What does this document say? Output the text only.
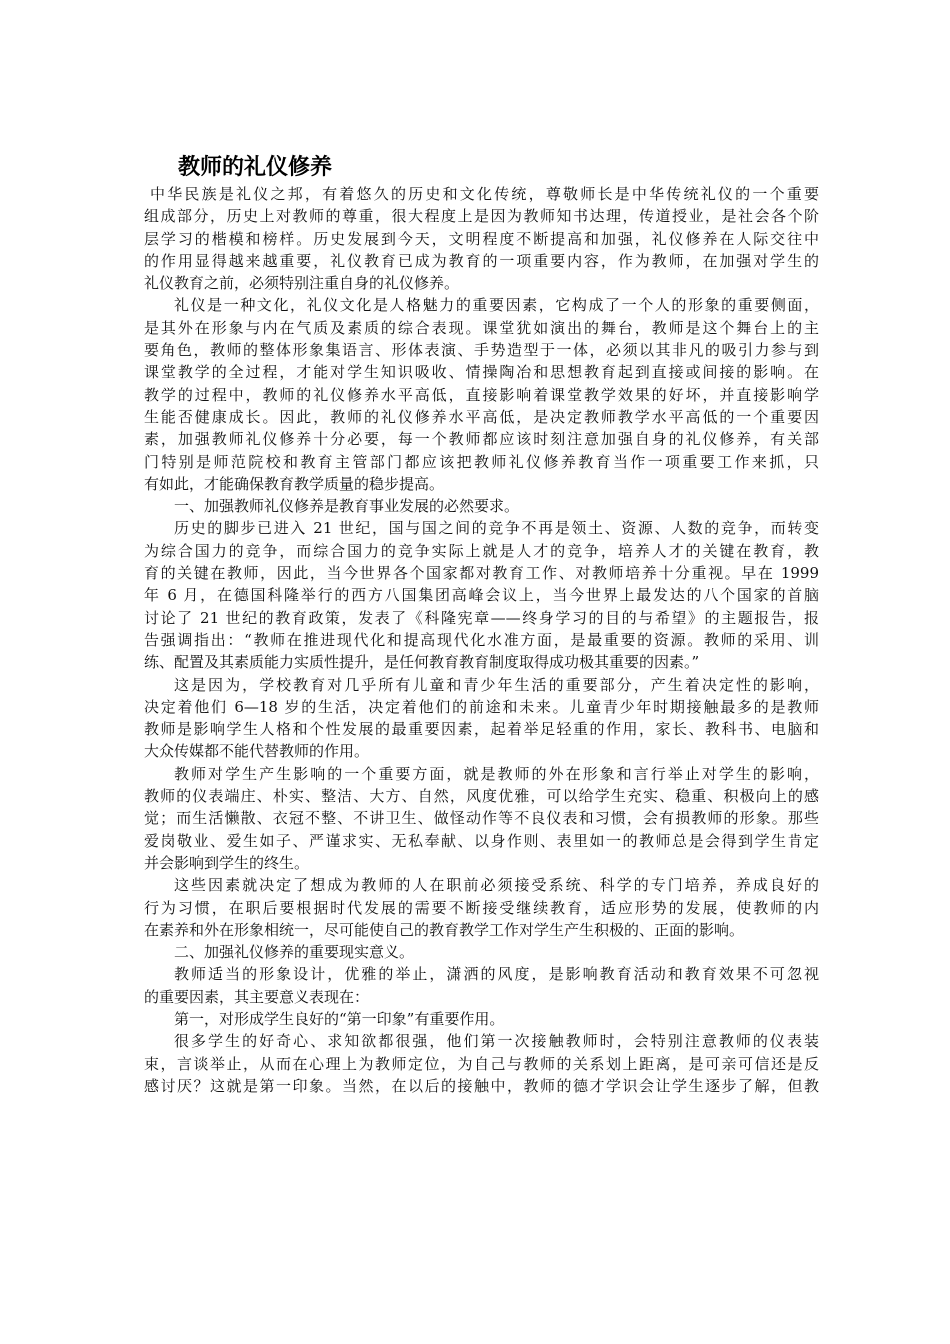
教师的礼仪修养
中华民族是礼仪之邦，有着悠久的历史和文化传统，尊敬师长是中华传统礼仪的一个重要
组成部分，历史上对教师的尊重，很大程度上是因为教师知书达理，传道授业，是社会各个阶
层学习的楷模和榜样。历史发展到今天，文明程度不断提高和加强，礼仪修养在人际交往中
的作用显得越来越重要，礼仪教育已成为教育的一项重要内容，作为教师，在加强对学生的
礼仪教育之前，必须特别注重自身的礼仪修养。
礼仪是一种文化，礼仪文化是人格魅力的重要因素，它构成了一个人的形象的重要侧面，
是其外在形象与内在气质及素质的综合表现。课堂犹如演出的舞台，教师是这个舞台上的主
要角色，教师的整体形象集语言、形体表演、手势造型于一体，必须以其非凡的吸引力参与到
课堂教学的全过程，才能对学生知识吸收、情操陶冶和思想教育起到直接或间接的影响。在
教学的过程中，教师的礼仪修养水平高低，直接影响着课堂教学效果的好坏，并直接影响学
生能否健康成长。因此，教师的礼仪修养水平高低，是决定教师教学水平高低的一个重要因
素，加强教师礼仪修养十分必要，每一个教师都应该时刻注意加强自身的礼仪修养，有关部
门特别是师范院校和教育主管部门都应该把教师礼仪修养教育当作一项重要工作来抓，只
有如此，才能确保教育教学质量的稳步提高。
一、加强教师礼仪修养是教育事业发展的必然要求。
历史的脚步已进入 21 世纪，国与国之间的竞争不再是领土、资源、人数的竞争，而转变
为综合国力的竞争，而综合国力的竞争实际上就是人才的竞争，培养人才的关键在教育，教
育的关键在教师，因此，当今世界各个国家都对教育工作、对教师培养十分重视。早在 1999
年 6 月，在德国科隆举行的西方八国集团高峰会议上，当今世界上最发达的八个国家的首脑
讨论了 21 世纪的教育政策，发表了《科隆宪章——终身学习的目的与希望》的主题报告，报
告强调指出：“教师在推进现代化和提高现代化水准方面，是最重要的资源。教师的采用、训
练、配置及其素质能力实质性提升，是任何教育教育制度取得成功极其重要的因素。”
这是因为，学校教育对几乎所有儿童和青少年生活的重要部分，产生着决定性的影响，
决定着他们 6—18 岁的生活，决定着他们的前途和未来。儿童青少年时期接触最多的是教师
教师是影响学生人格和个性发展的最重要因素，起着举足轻重的作用，家长、教科书、电脑和
大众传媒都不能代替教师的作用。
教师对学生产生影响的一个重要方面，就是教师的外在形象和言行举止对学生的影响，
教师的仪表端庄、朴实、整洁、大方、自然，风度优雅，可以给学生充实、稳重、积极向上的感
觉；而生活懒散、衣冠不整、不讲卫生、做怪动作等不良仪表和习惯，会有损教师的形象。那些
爱岗敬业、爱生如子、严谨求实、无私奉献、以身作则、表里如一的教师总是会得到学生肯定
并会影响到学生的终生。
这些因素就决定了想成为教师的人在职前必须接受系统、科学的专门培养，养成良好的
行为习惯，在职后要根据时代发展的需要不断接受继续教育，适应形势的发展，使教师的内
在素养和外在形象相统一，尽可能使自己的教育教学工作对学生产生积极的、正面的影响。
二、加强礼仪修养的重要现实意义。
教师适当的形象设计，优雅的举止，潇洒的风度，是影响教育活动和教育效果不可忽视
的重要因素，其主要意义表现在：
第一，对形成学生良好的“第一印象”有重要作用。
很多学生的好奇心、求知欲都很强，他们第一次接触教师时，会特别注意教师的仪表装
束，言谈举止，从而在心理上为教师定位，为自己与教师的关系划上距离，是可亲可信还是反
感讨厌？这就是第一印象。当然，在以后的接触中，教师的德才学识会让学生逐步了解，但教
